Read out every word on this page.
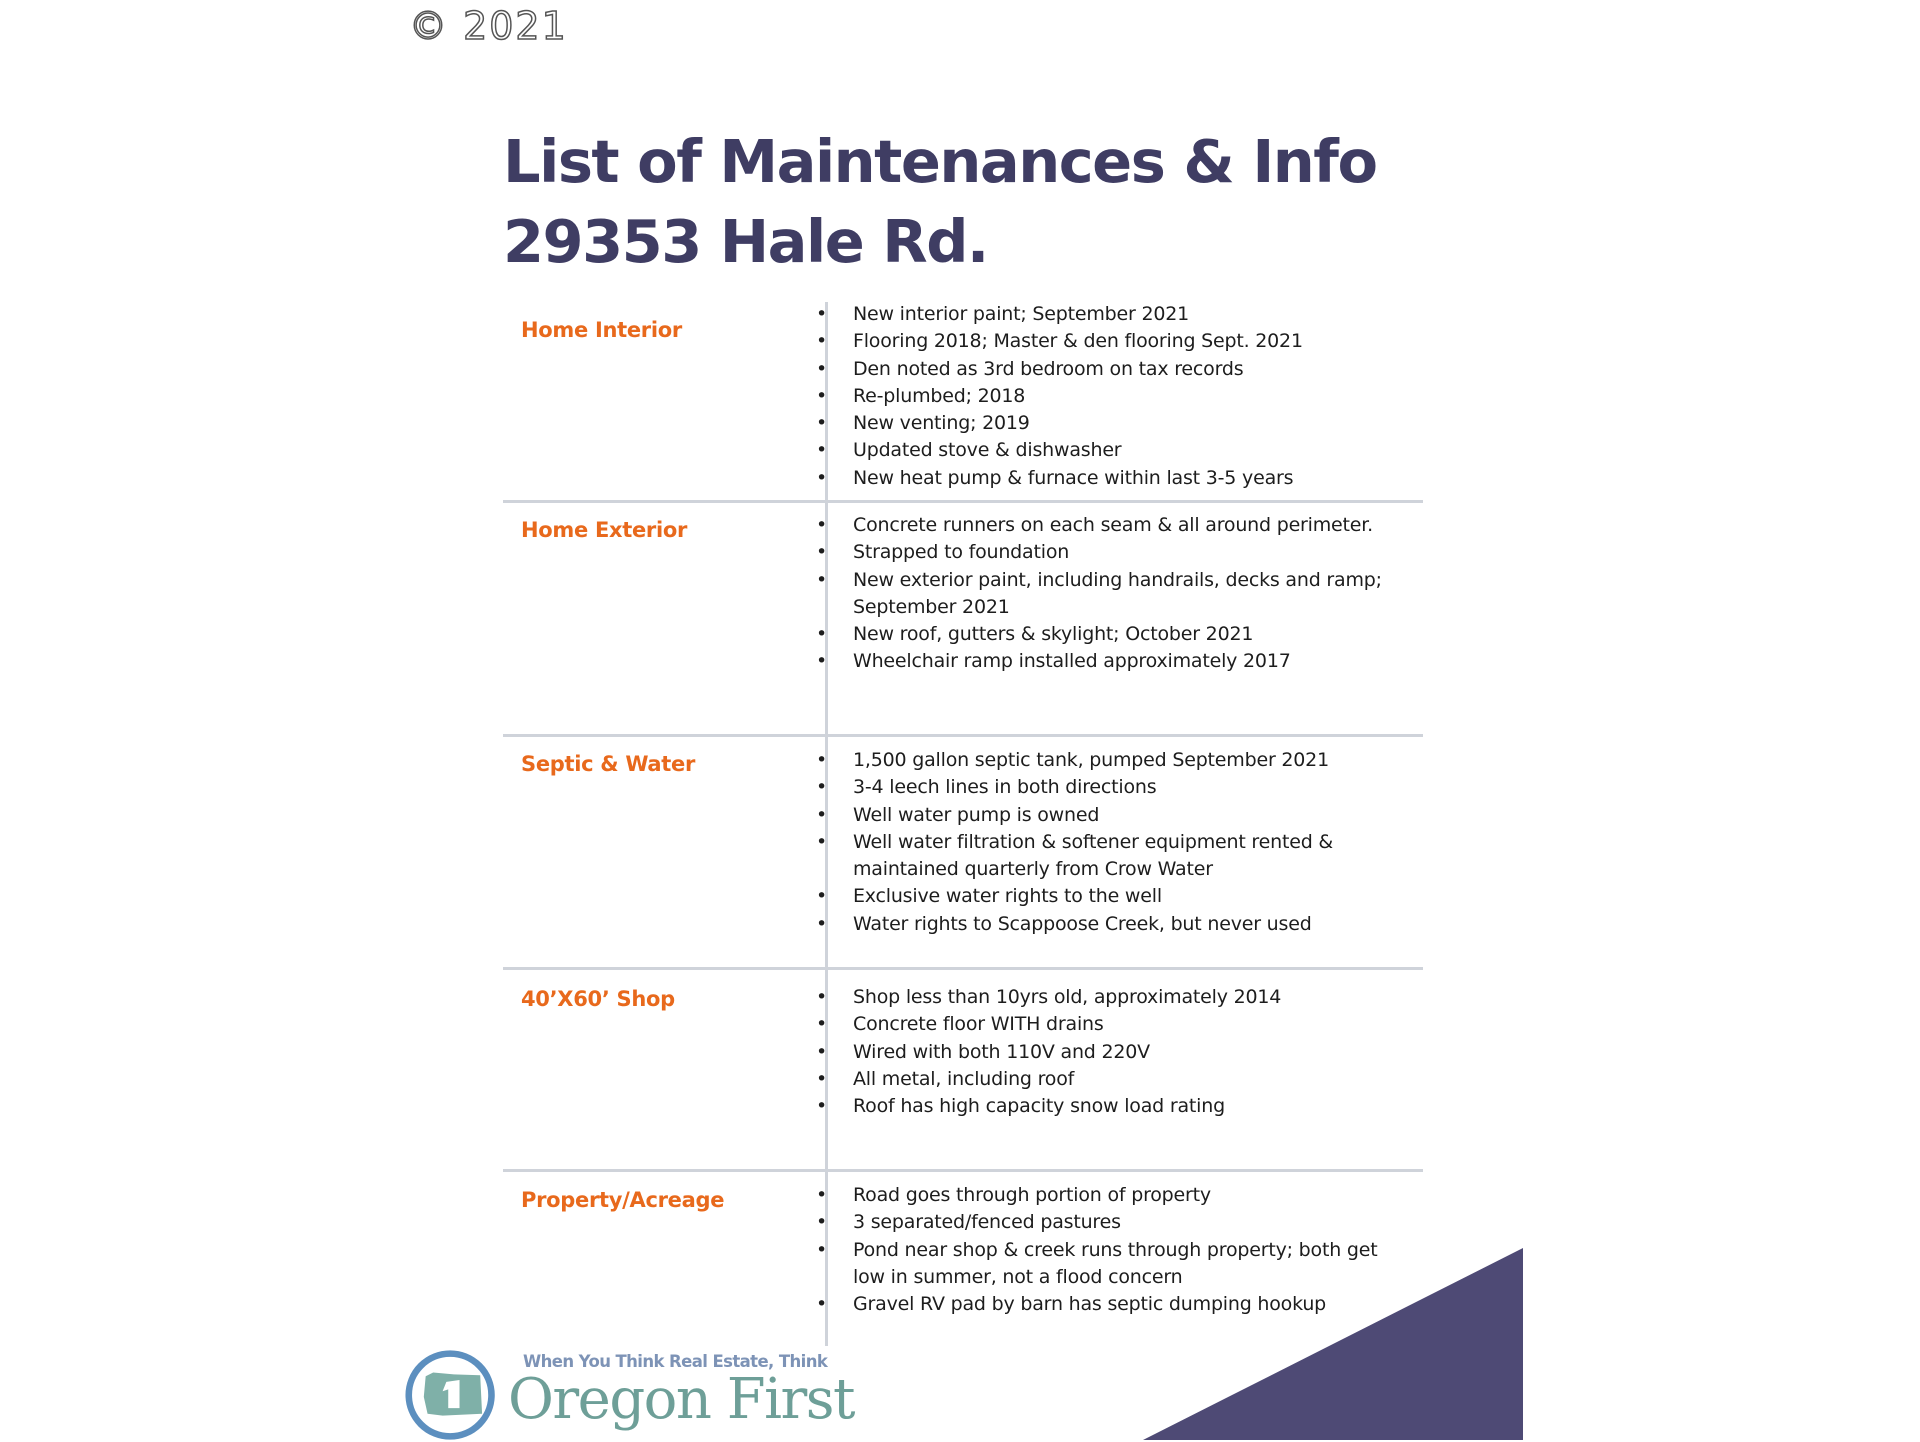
© 2021
List of Maintenances & Info
29353 Hale Rd.
Home Interior
• New interior paint; September 2021
• Flooring 2018; Master & den flooring Sept. 2021
• Den noted as 3rd bedroom on tax records
• Re-plumbed; 2018
• New venting; 2019
• Updated stove & dishwasher
• New heat pump & furnace within last 3-5 years
Home Exterior	• Concrete runners on each seam & all around perimeter.
• Strapped to foundation
• New exterior paint, including handrails, decks and ramp; September 2021
• New roof, gutters & skylight; October 2021
• Wheelchair ramp installed approximately 2017
Septic & Water	• 1,500 gallon septic tank, pumped September 2021
• 3-4 leech lines in both directions
• Well water pump is owned
• Well water filtration & softener equipment rented & maintained quarterly from Crow Water
• Exclusive water rights to the well
• Water rights to Scappoose Creek, but never used
40’X60’ Shop	• Shop less than 10yrs old, approximately 2014
• Concrete floor WITH drains
• Wired with both 110V and 220V
• All metal, including roof
• Roof has high capacity snow load rating
Property/Acreage	• Road goes through portion of property
• 3 separated/fenced pastures
• Pond near shop & creek runs through property; both get low in summer, not a flood concern
• Gravel RV pad by barn has septic dumping hookup
When You Think Real Estate, Think
Oregon First
